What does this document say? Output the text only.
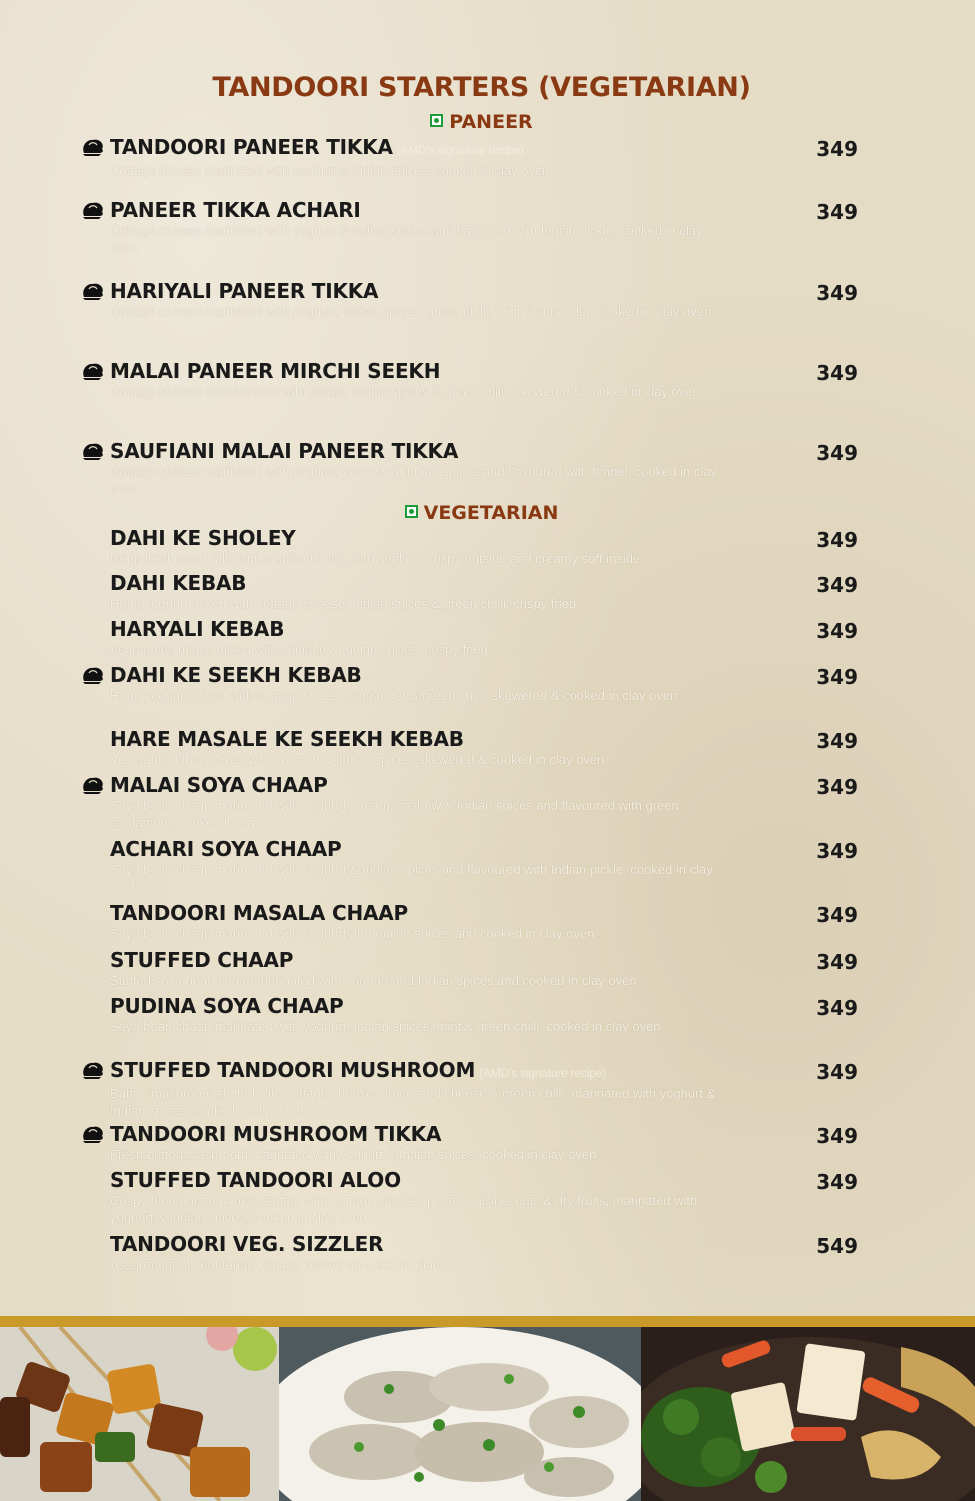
TANDOORI STARTERS (VEGETARIAN)
PANEER
VEGETARIAN
TANDOORI PANEER TIKKA (AMD's signature recipe)
Cottage cheese marinated with yoghurt & Indian spices, cooked in clay oven
349
PANEER TIKKA ACHARI
Cottage cheese marinated with yoghurt & Indian spices and flavoured with Indian pickle, cooked in clay oven
349
HARIYALI PANEER TIKKA
Cottage cheese marinated with yoghurt, Indian spices, green chilli, mint & coriander, cooked in clay oven
349
MALAI PANEER MIRCHI SEEKH
Cottage cheese crumb mixed with cream, Indian spices & green chilli, skewered & cooked in clay oven
349
SAUFIANI MALAI PANEER TIKKA
Cottage cheese marinated with yoghurt, cashew & Indian spices and flavoured with fennel, cooked in clay oven
349
DAHI KE SHOLEY
Deep fried bread rolls with a spiced hung curd stuffing, crispy outside and creamy soft inside
349
DAHI KEBAB
Hung yoghurt mixed with cottage cheese, Indian spices & green chilli, crispy fried
349
HARYALI KEBAB
Vegetables mince mixed with spinach & Indian spices, crispy fried
349
DAHI KE SEEKH KEBAB
Hung yoghurt mixed with cottage cheese, coriander & green chilli, skewered & cooked in clay oven
349
HARE MASALE KE SEEKH KEBAB
Vegetable mince mixed with spinach & Indian spices, skewered & cooked in clay oven
349
MALAI SOYA CHAAP
Soya bean chaap marinated with yoghurt, cream, cashew & Indian spices and flavoured with green cardamom, cooked in clay oven
349
ACHARI SOYA CHAAP
Soya bean chaap marinated with yoghurt & Indian spices and flavoured with Indian pickle, cooked in clay oven
349
TANDOORI MASALA CHAAP
Soya bean chaap marinated with yoghurt and Indian spices and cooked in clay oven
349
STUFFED CHAAP
Stuffed soya bean chaap marinated with yoghurt and Indian spices and cooked in clay oven
349
PUDINA SOYA CHAAP
Soya bean chaap marinated with yoghurt, Indian spices, mint & green chilli, cooked in clay oven
349
STUFFED TANDOORI MUSHROOM (AMD's signature recipe)
Button mushroom stuffed with cottage cheese, processed cheese & green chilli, marinated with yoghurt & Indian spices, cooked in clay oven
349
TANDOORI MUSHROOM TIKKA
Fresh button mushroom marinated with yoghurt & Indian spices, cooked in clay oven
349
STUFFED TANDOORI ALOO
Crispy fried potato barrels stuffed with cottage cheese, potato, raisins, nuts & dry fruits, marinated with yoghurt & Indian spices, cooked in clay oven
349
TANDOORI VEG. SIZZLER
Assortment of vegetarian kebabs served on a sizzler plate
549
